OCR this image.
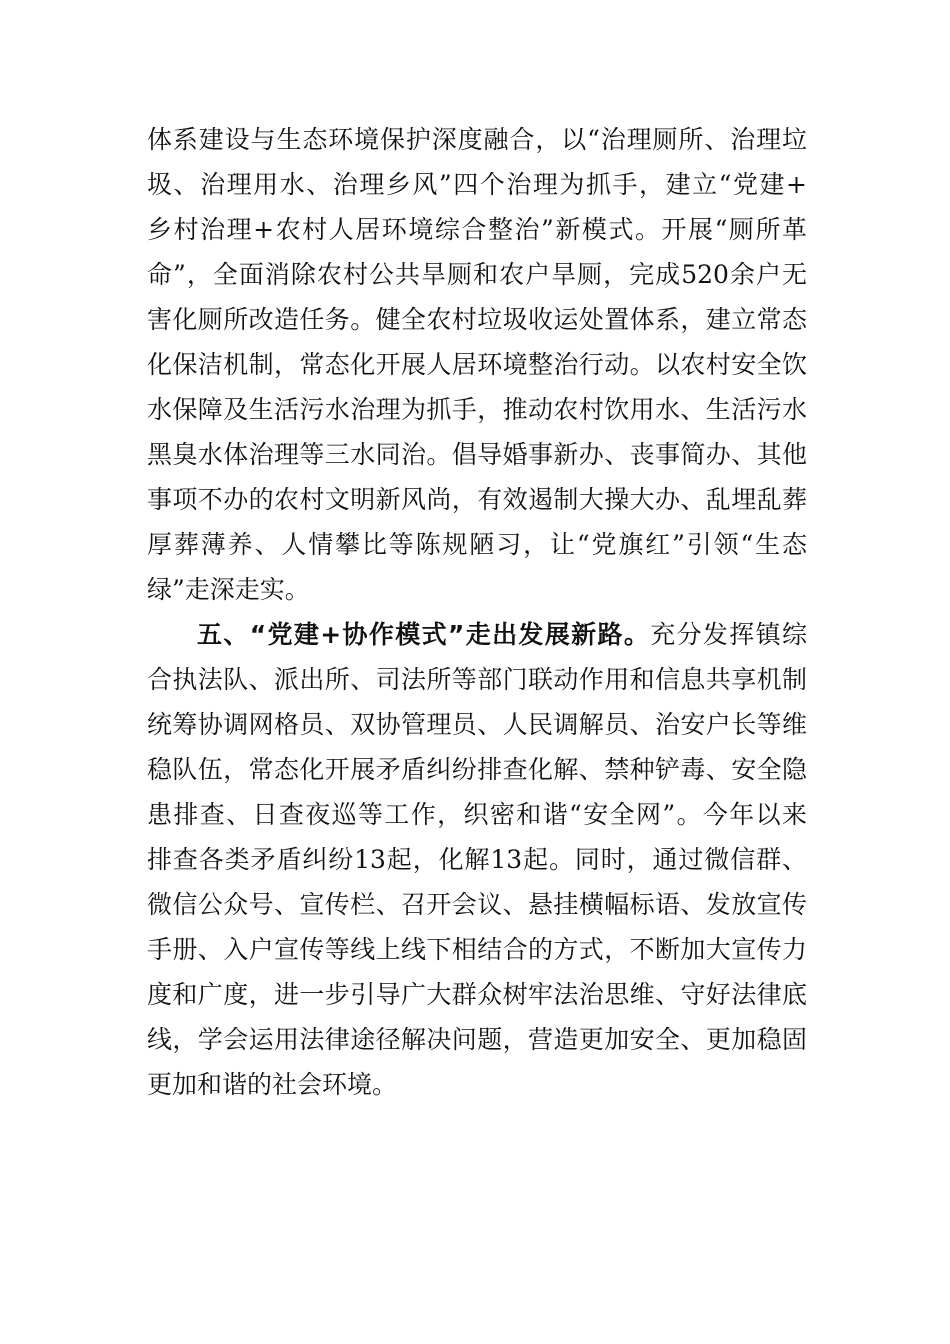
体系建设与生态环境保护深度融合，以“治理厕所、治理垃
圾、治理用水、治理乡风”四个治理为抓手，建立“党建+
乡村治理+农村人居环境综合整治”新模式。开展“厕所革
命”，全面消除农村公共旱厕和农户旱厕，完成520余户无
害化厕所改造任务。健全农村垃圾收运处置体系，建立常态
化保洁机制，常态化开展人居环境整治行动。以农村安全饮
水保障及生活污水治理为抓手，推动农村饮用水、生活污水
黑臭水体治理等三水同治。倡导婚事新办、丧事简办、其他
事项不办的农村文明新风尚，有效遏制大操大办、乱埋乱葬
厚葬薄养、人情攀比等陈规陋习，让“党旗红”引领“生态
绿”走深走实。
五、“党建+协作模式”走出发展新路。充分发挥镇综
合执法队、派出所、司法所等部门联动作用和信息共享机制
统筹协调网格员、双协管理员、人民调解员、治安户长等维
稳队伍，常态化开展矛盾纠纷排查化解、禁种铲毒、安全隐
患排查、日查夜巡等工作，织密和谐“安全网”。今年以来
排查各类矛盾纠纷13起，化解13起。同时，通过微信群、
微信公众号、宣传栏、召开会议、悬挂横幅标语、发放宣传
手册、入户宣传等线上线下相结合的方式，不断加大宣传力
度和广度，进一步引导广大群众树牢法治思维、守好法律底
线，学会运用法律途径解决问题，营造更加安全、更加稳固
更加和谐的社会环境。
